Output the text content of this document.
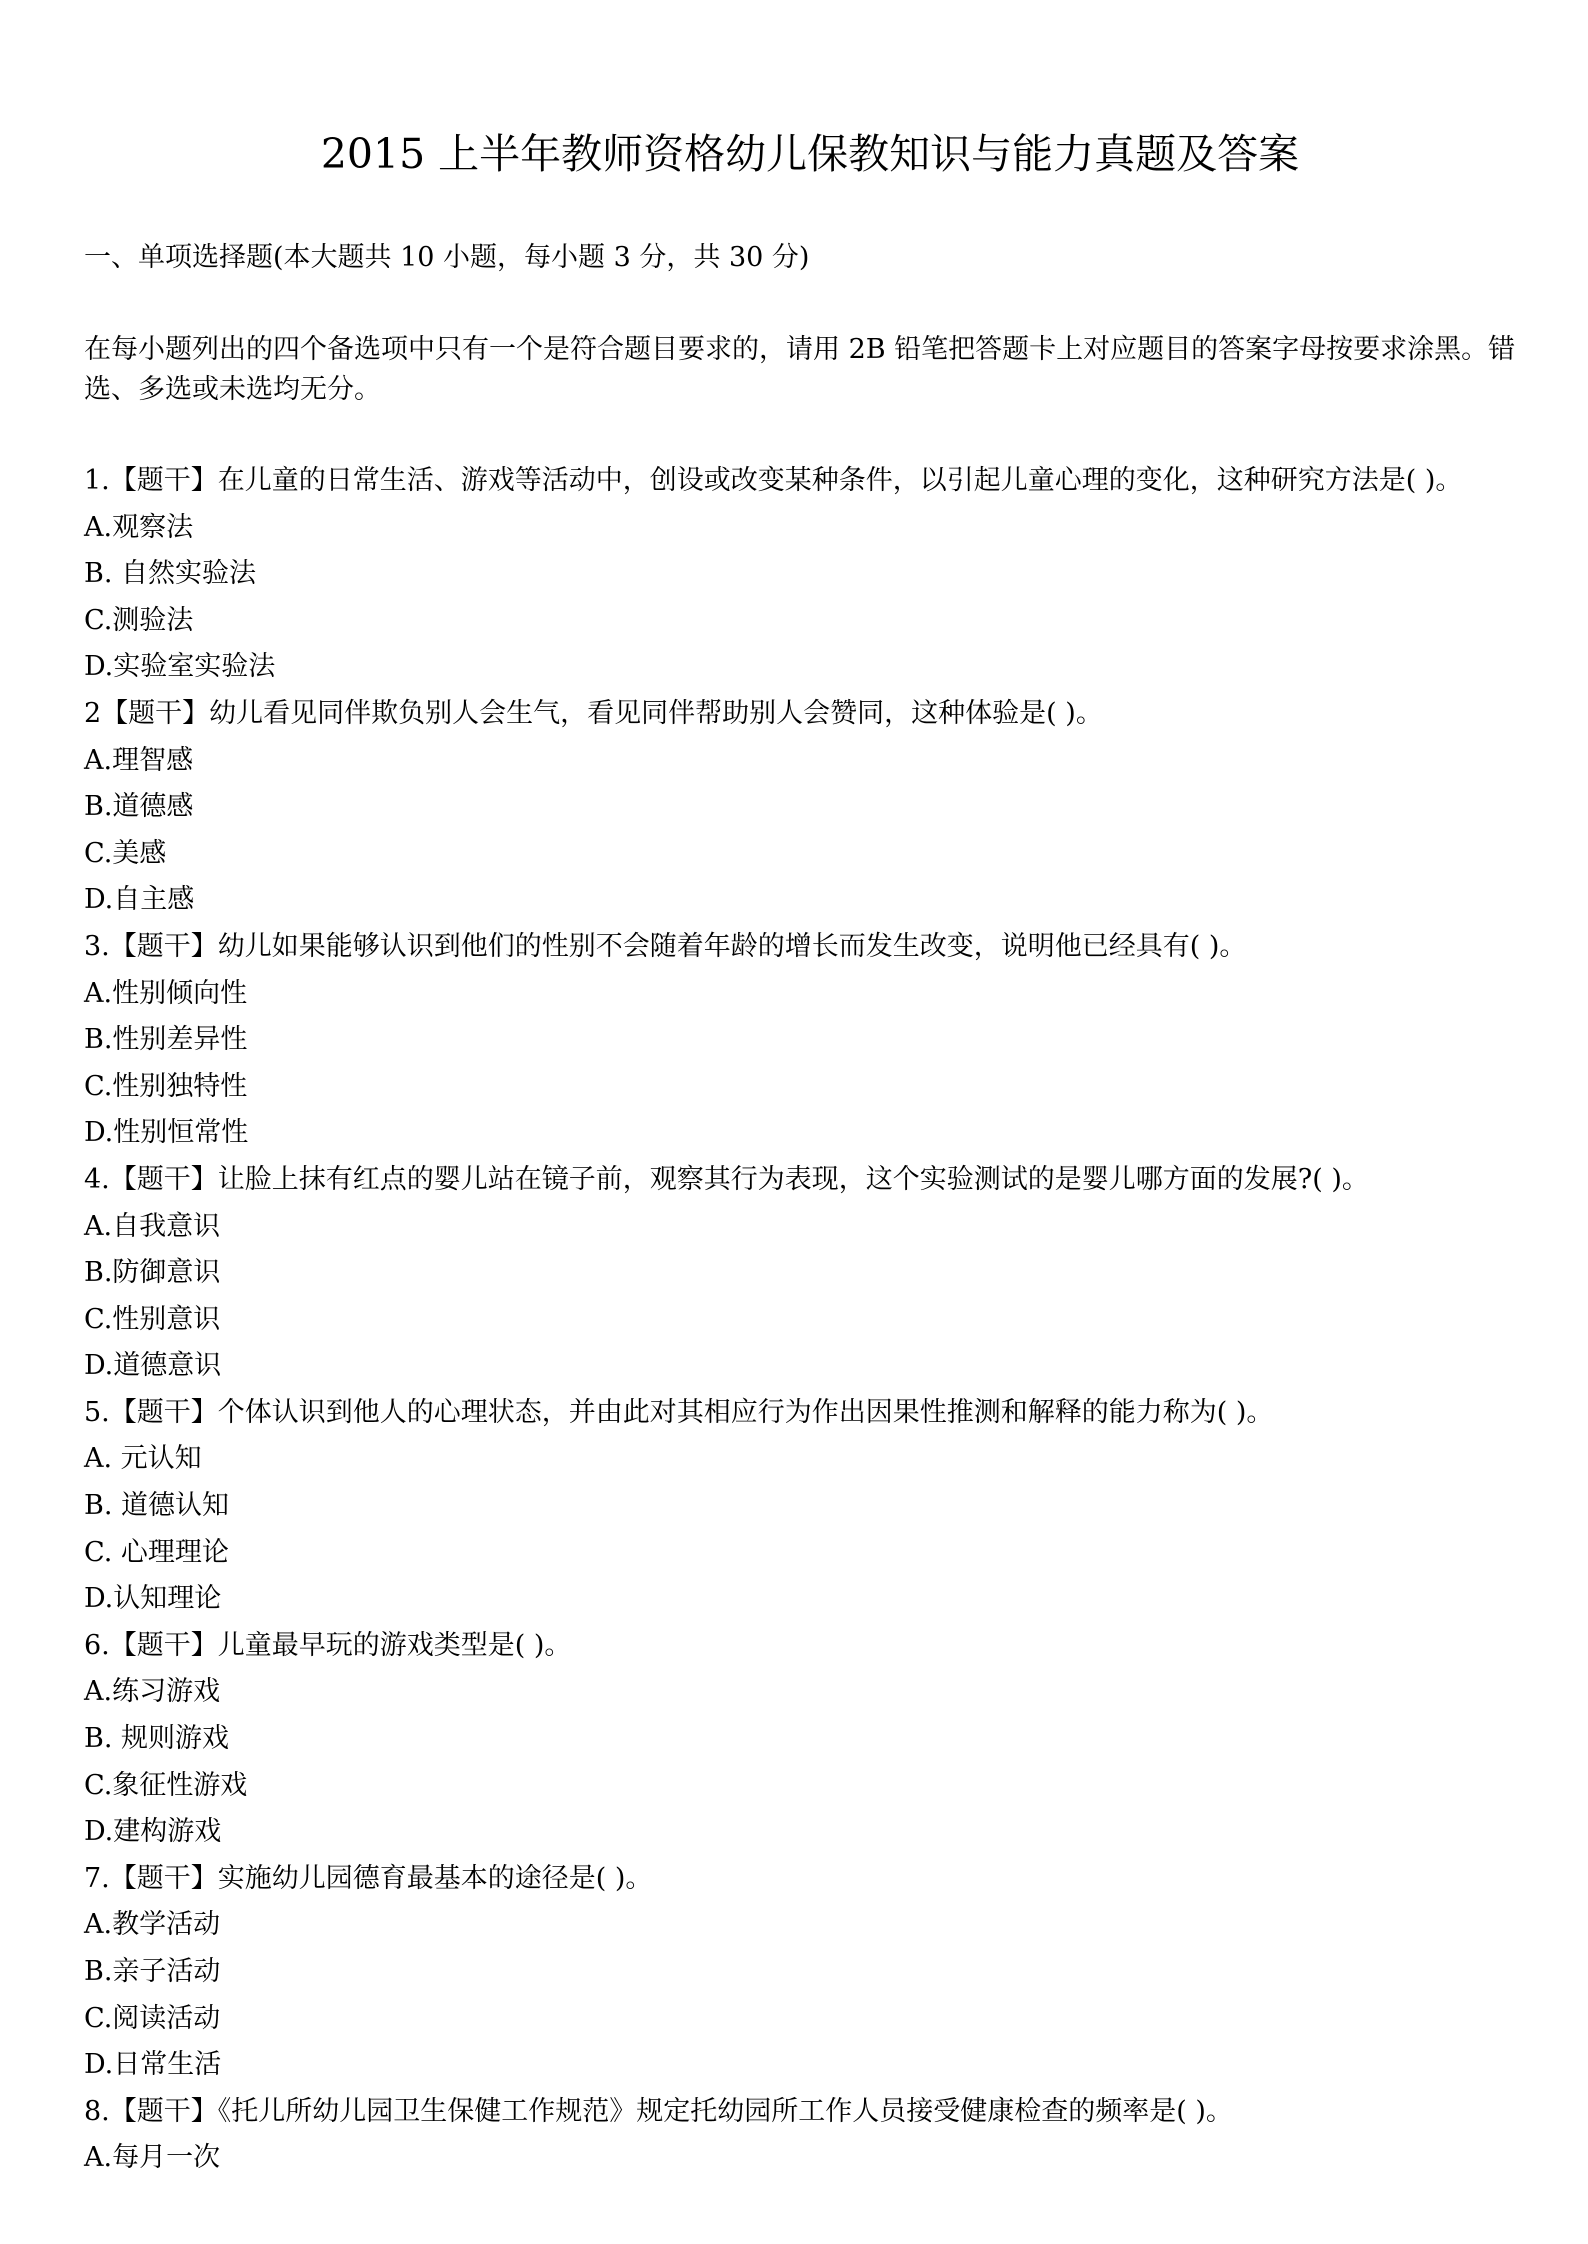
2015 上半年教师资格幼儿保教知识与能力真题及答案
一、单项选择题(本大题共 10 小题，每小题 3 分，共 30 分)
在每小题列出的四个备选项中只有一个是符合题目要求的，请用 2B 铅笔把答题卡上对应题目的答案字母按要求涂黑。错选、多选或未选均无分。
1.【题干】在儿童的日常生活、游戏等活动中，创设或改变某种条件，以引起儿童心理的变化，这种研究方法是( )。
A.观察法
B. 自然实验法
C.测验法
D.实验室实验法
2【题干】幼儿看见同伴欺负别人会生气，看见同伴帮助别人会赞同，这种体验是( )。
A.理智感
B.道德感
C.美感
D.自主感
3.【题干】幼儿如果能够认识到他们的性别不会随着年龄的增长而发生改变，说明他已经具有( )。
A.性别倾向性
B.性别差异性
C.性别独特性
D.性别恒常性
4.【题干】让脸上抹有红点的婴儿站在镜子前，观察其行为表现，这个实验测试的是婴儿哪方面的发展?( )。
A.自我意识
B.防御意识
C.性别意识
D.道德意识
5.【题干】个体认识到他人的心理状态，并由此对其相应行为作出因果性推测和解释的能力称为( )。
A. 元认知
B. 道德认知
C. 心理理论
D.认知理论
6.【题干】儿童最早玩的游戏类型是( )。
A.练习游戏
B. 规则游戏
C.象征性游戏
D.建构游戏
7.【题干】实施幼儿园德育最基本的途径是( )。
A.教学活动
B.亲子活动
C.阅读活动
D.日常生活
8.【题干】《托儿所幼儿园卫生保健工作规范》规定托幼园所工作人员接受健康检查的频率是( )。
A.每月一次
